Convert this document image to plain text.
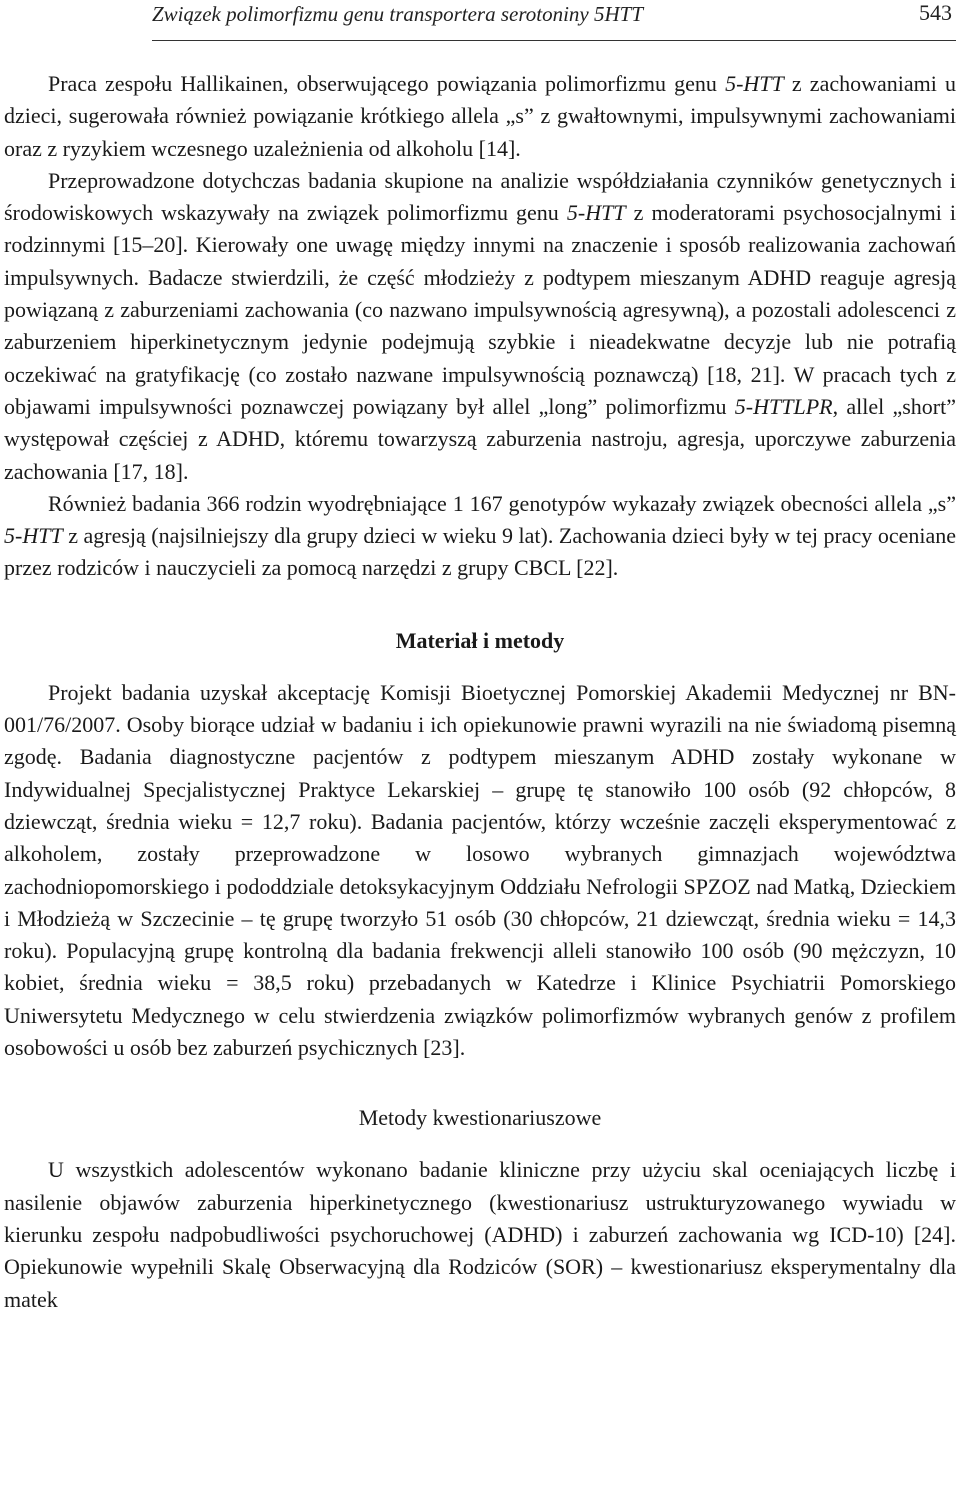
Związek polimorfizmu genu transportera serotoniny 5HTT	543

Praca zespołu Hallikainen, obserwującego powiązania polimorfizmu genu 5-HTT z zachowaniami u dzieci, sugerowała również powiązanie krótkiego allela „s” z gwałtownymi, impulsywnymi zachowaniami oraz z ryzykiem wczesnego uzależnienia od alkoholu [14].
Przeprowadzone dotychczas badania skupione na analizie współdziałania czynników genetycznych i środowiskowych wskazywały na związek polimorfizmu genu 5-HTT z moderatorami psychosocjalnymi i rodzinnymi [15–20]. Kierowały one uwagę między innymi na znaczenie i sposób realizowania zachowań impulsywnych. Badacze stwierdzili, że część młodzieży z podtypem mieszanym ADHD reaguje agresją powiązaną z zaburzeniami zachowania (co nazwano impulsywnością agresywną), a pozostali adolescenci z zaburzeniem hiperkinetycznym jedynie podejmują szybkie i nieadekwatne decyzje lub nie potrafią oczekiwać na gratyfikację (co zostało nazwane impulsywnością poznawczą) [18, 21]. W pracach tych z objawami impulsywności poznawczej powiązany był allel „long” polimorfizmu 5-HTTLPR, allel „short” występował częściej z ADHD, któremu towarzyszą zaburzenia nastroju, agresja, uporczywe zaburzenia zachowania [17, 18].
Również badania 366 rodzin wyodrębniające 1 167 genotypów wykazały związek obecności allela „s” 5-HTT z agresją (najsilniejszy dla grupy dzieci w wieku 9 lat). Zachowania dzieci były w tej pracy oceniane przez rodziców i nauczycieli za pomocą narzędzi z grupy CBCL [22].

Materiał i metody

Projekt badania uzyskał akceptację Komisji Bioetycznej Pomorskiej Akademii Medycznej nr BN-001/76/2007. Osoby biorące udział w badaniu i ich opiekunowie prawni wyrazili na nie świadomą pisemną zgodę. Badania diagnostyczne pacjentów z podtypem mieszanym ADHD zostały wykonane w Indywidualnej Specjalistycznej Praktyce Lekarskiej – grupę tę stanowiło 100 osób (92 chłopców, 8 dziewcząt, średnia wieku = 12,7 roku). Badania pacjentów, którzy wcześnie zaczęli eksperymentować z alkoholem, zostały przeprowadzone w losowo wybranych gimnazjach województwa zachodniopomorskiego i pododdziale detoksykacyjnym Oddziału Nefrologii SPZOZ nad Matką, Dzieckiem i Młodzieżą w Szczecinie – tę grupę tworzyło 51 osób (30 chłopców, 21 dziewcząt, średnia wieku = 14,3 roku). Populacyjną grupę kontrolną dla badania frekwencji alleli stanowiło 100 osób (90 mężczyzn, 10 kobiet, średnia wieku = 38,5 roku) przebadanych w Katedrze i Klinice Psychiatrii Pomorskiego Uniwersytetu Medycznego w celu stwierdzenia związków polimorfizmów wybranych genów z profilem osobowości u osób bez zaburzeń psychicznych [23].

Metody kwestionariuszowe

U wszystkich adolescentów wykonano badanie kliniczne przy użyciu skal oceniających liczbę i nasilenie objawów zaburzenia hiperkinetycznego (kwestionariusz ustrukturyzowanego wywiadu w kierunku zespołu nadpobudliwości psychoruchowej (ADHD) i zaburzeń zachowania wg ICD-10) [24]. Opiekunowie wypełnili Skalę Obserwacyjną dla Rodziców (SOR) – kwestionariusz eksperymentalny dla matek
